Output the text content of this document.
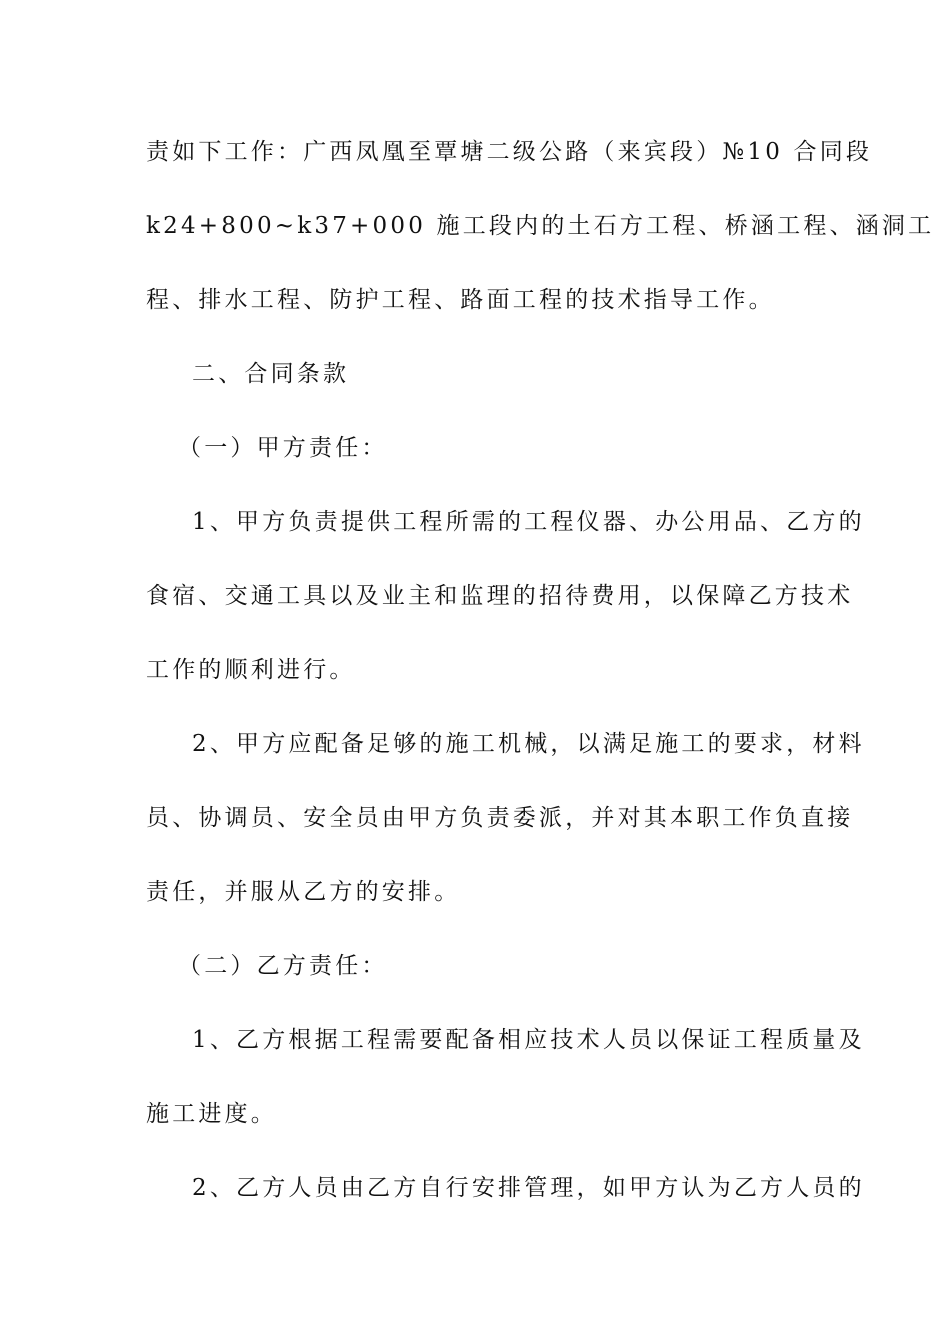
责如下工作：广西凤凰至覃塘二级公路（来宾段）№10 合同段
k24+800~k37+000 施工段内的土石方工程、桥涵工程、涵洞工
程、排水工程、防护工程、路面工程的技术指导工作。
二、合同条款
（一）甲方责任：
1、甲方负责提供工程所需的工程仪器、办公用品、乙方的
食宿、交通工具以及业主和监理的招待费用，以保障乙方技术
工作的顺利进行。
2、甲方应配备足够的施工机械，以满足施工的要求，材料
员、协调员、安全员由甲方负责委派，并对其本职工作负直接
责任，并服从乙方的安排。
（二）乙方责任：
1、乙方根据工程需要配备相应技术人员以保证工程质量及
施工进度。
2、乙方人员由乙方自行安排管理，如甲方认为乙方人员的
